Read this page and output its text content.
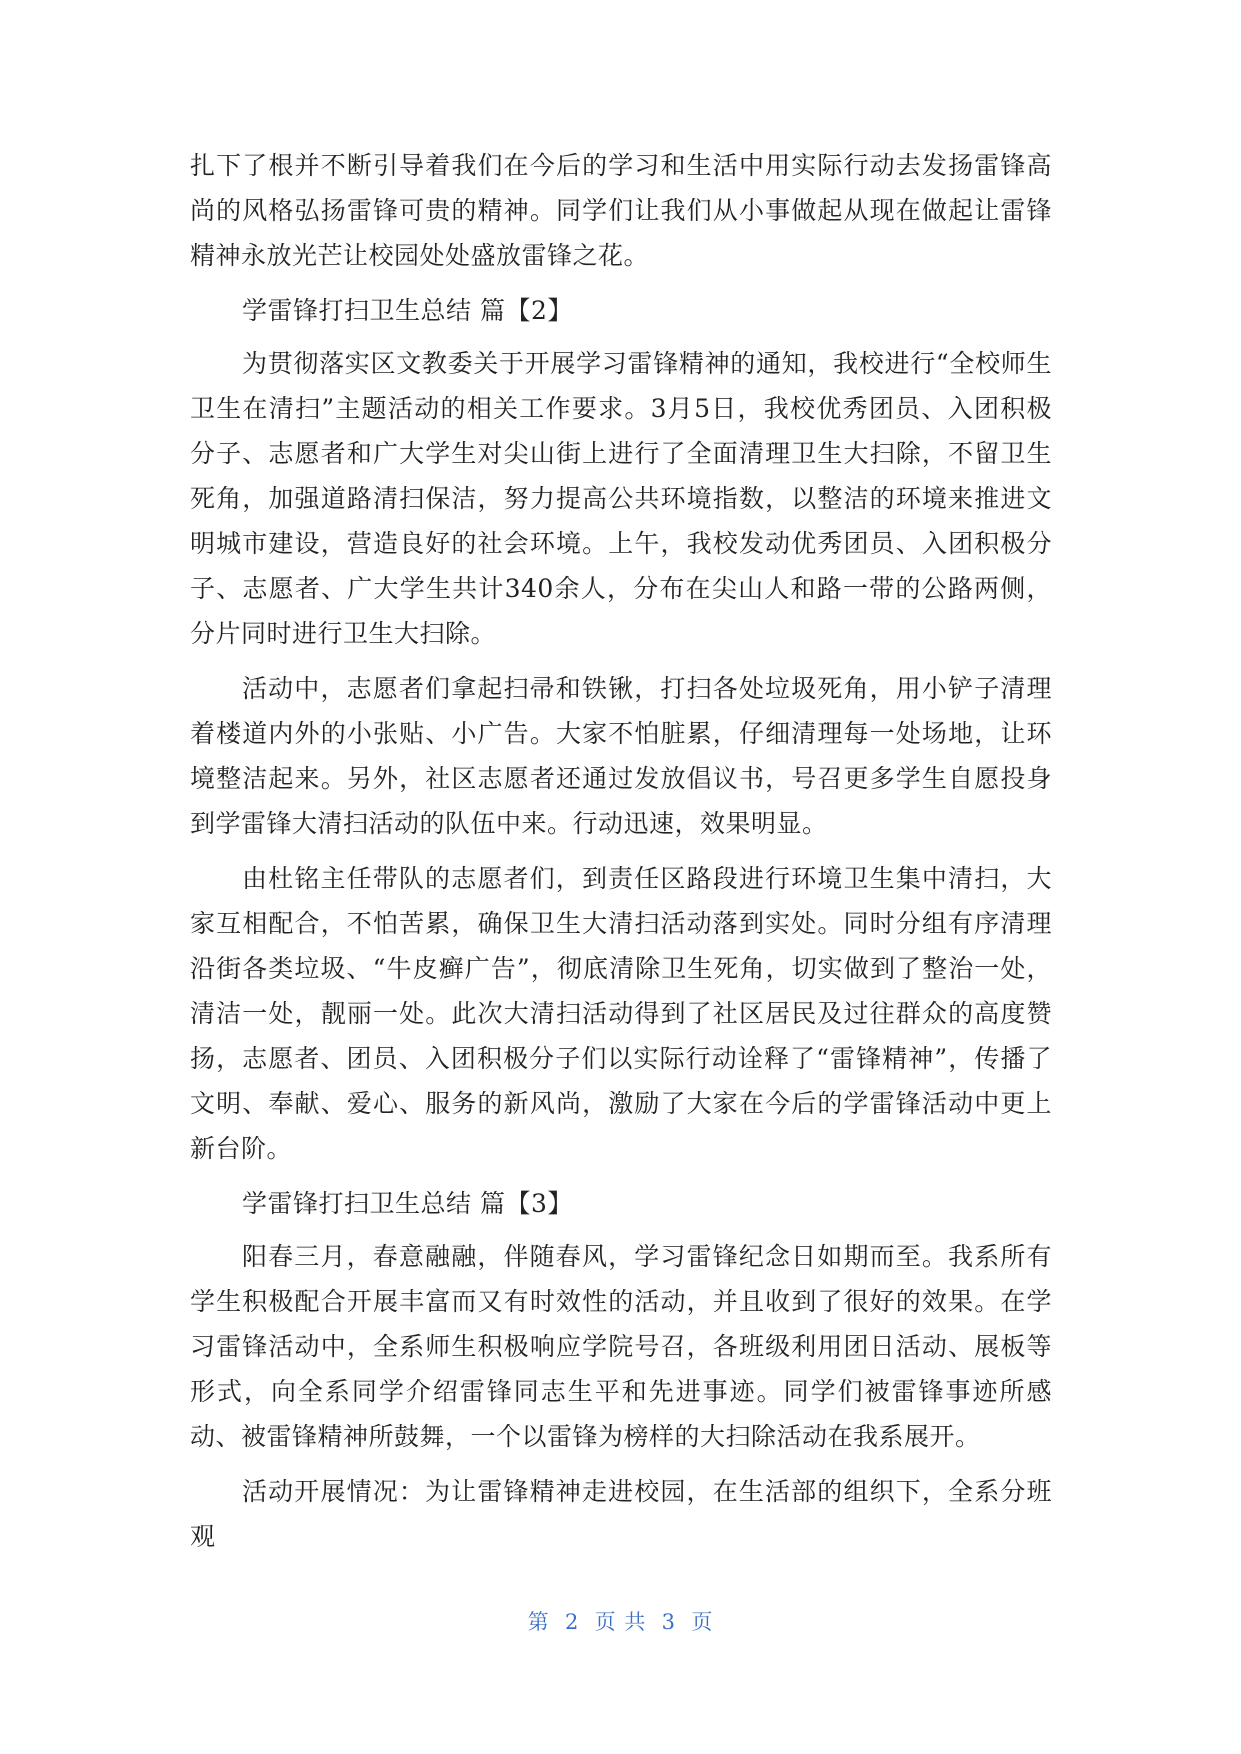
扎下了根并不断引导着我们在今后的学习和生活中用实际行动去发扬雷锋高尚的风格弘扬雷锋可贵的精神。同学们让我们从小事做起从现在做起让雷锋精神永放光芒让校园处处盛放雷锋之花。

学雷锋打扫卫生总结 篇【2】

为贯彻落实区文教委关于开展学习雷锋精神的通知，我校进行“全校师生卫生在清扫”主题活动的相关工作要求。3月5日，我校优秀团员、入团积极分子、志愿者和广大学生对尖山街上进行了全面清理卫生大扫除，不留卫生死角，加强道路清扫保洁，努力提高公共环境指数，以整洁的环境来推进文明城市建设，营造良好的社会环境。上午，我校发动优秀团员、入团积极分子、志愿者、广大学生共计340余人，分布在尖山人和路一带的公路两侧，分片同时进行卫生大扫除。

活动中，志愿者们拿起扫帚和铁锹，打扫各处垃圾死角，用小铲子清理着楼道内外的小张贴、小广告。大家不怕脏累，仔细清理每一处场地，让环境整洁起来。另外，社区志愿者还通过发放倡议书，号召更多学生自愿投身到学雷锋大清扫活动的队伍中来。行动迅速，效果明显。

由杜铭主任带队的志愿者们，到责任区路段进行环境卫生集中清扫，大家互相配合，不怕苦累，确保卫生大清扫活动落到实处。同时分组有序清理沿街各类垃圾、“牛皮癣广告”，彻底清除卫生死角，切实做到了整治一处，清洁一处，靓丽一处。此次大清扫活动得到了社区居民及过往群众的高度赞扬，志愿者、团员、入团积极分子们以实际行动诠释了“雷锋精神”，传播了文明、奉献、爱心、服务的新风尚，激励了大家在今后的学雷锋活动中更上新台阶。

学雷锋打扫卫生总结 篇【3】

阳春三月，春意融融，伴随春风，学习雷锋纪念日如期而至。我系所有学生积极配合开展丰富而又有时效性的活动，并且收到了很好的效果。在学习雷锋活动中，全系师生积极响应学院号召，各班级利用团日活动、展板等形式，向全系同学介绍雷锋同志生平和先进事迹。同学们被雷锋事迹所感动、被雷锋精神所鼓舞，一个以雷锋为榜样的大扫除活动在我系展开。

活动开展情况：为让雷锋精神走进校园，在生活部的组织下，全系分班观

第  2  页 共  3  页
